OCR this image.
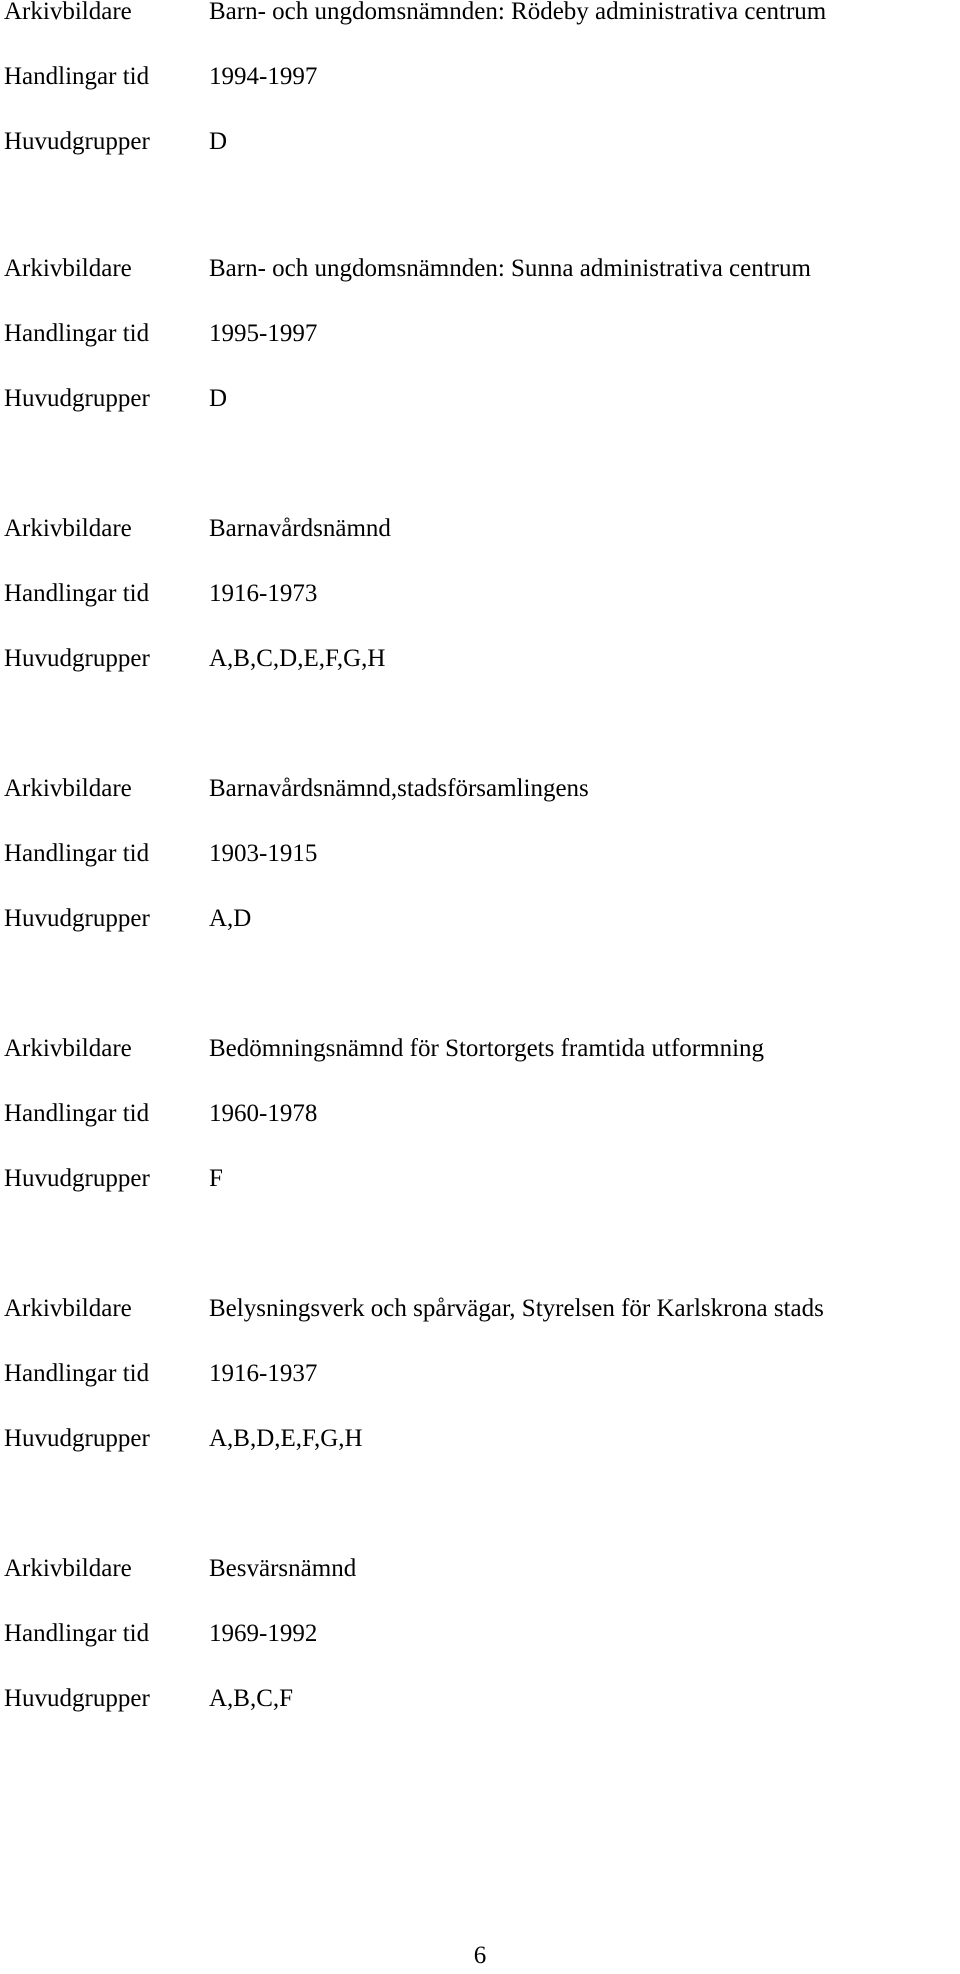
Arkivbildare	Barn- och ungdomsnämnden: Rödeby administrativa centrum
Handlingar tid 1994-1997
Huvudgrupper D
Arkivbildare	Barn- och ungdomsnämnden: Sunna administrativa centrum
Handlingar tid 1995-1997
Huvudgrupper D
Arkivbildare	Barnavårdsnämnd
Handlingar tid 1916-1973
Huvudgrupper A,B,C,D,E,F,G,H
Arkivbildare	Barnavårdsnämnd,stadsförsamlingens
Handlingar tid 1903-1915
Huvudgrupper A,D
Arkivbildare	Bedömningsnämnd för Stortorgets framtida utformning
Handlingar tid 1960-1978
Huvudgrupper F
Arkivbildare	Belysningsverk och spårvägar, Styrelsen för Karlskrona stads
Handlingar tid 1916-1937
Huvudgrupper A,B,D,E,F,G,H
Arkivbildare	Besvärsnämnd
Handlingar tid 1969-1992
Huvudgrupper A,B,C,F
6
